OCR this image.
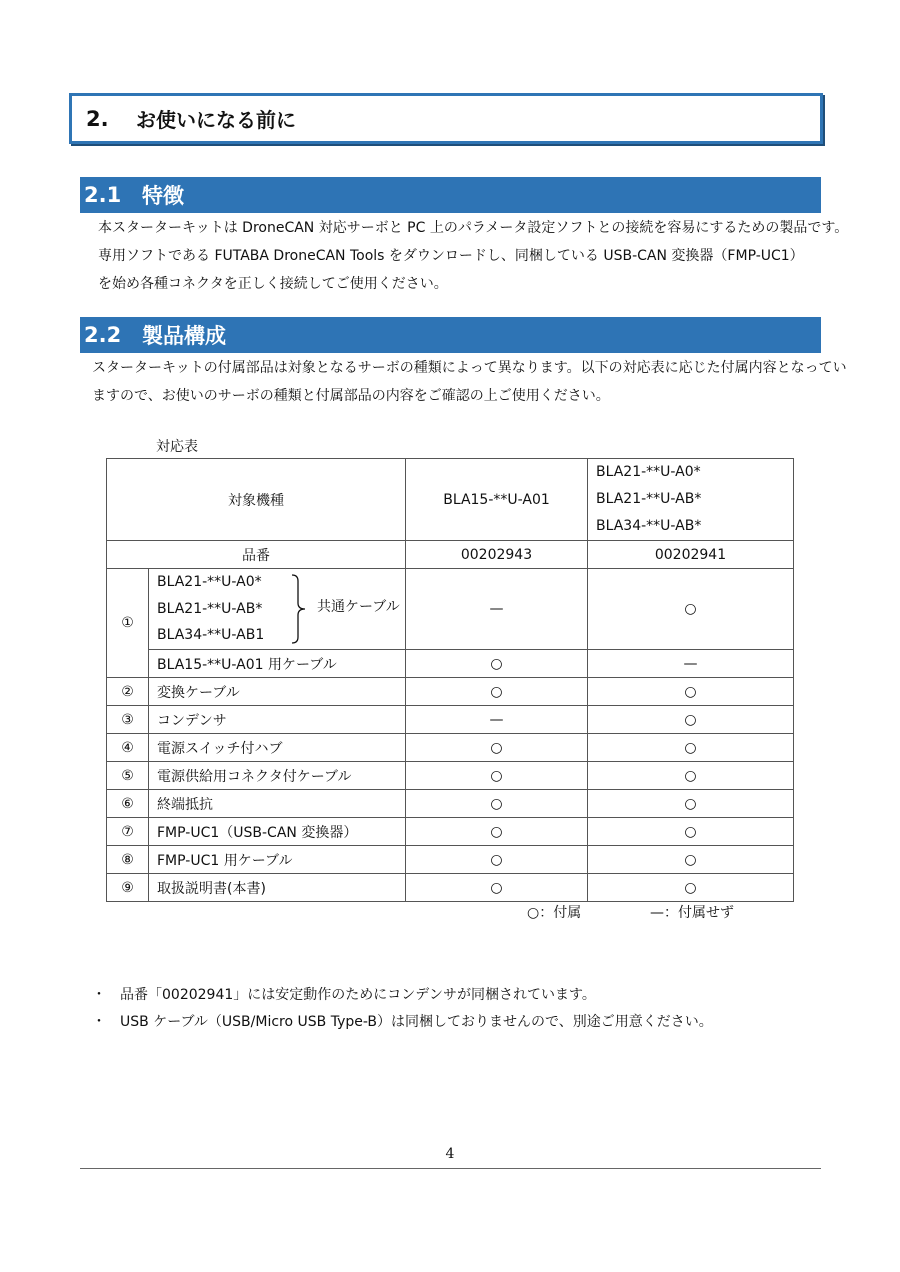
2.	お使いになる前に
2.1 特徴
本スターターキットは DroneCAN 対応サーボと PC 上のパラメータ設定ソフトとの接続を容易にするための製品です。
専用ソフトである FUTABA DroneCAN Tools をダウンロードし、同梱している USB-CAN 変換器（FMP-UC1）
を始め各種コネクタを正しく接続してご使用ください。
2.2 製品構成
スターターキットの付属部品は対象となるサーボの種類によって異なります。以下の対応表に応じた付属内容となってい
ますので、お使いのサーボの種類と付属部品の内容をご確認の上ご使用ください。
対応表
対象機種		BLA15-**U-A01	BLA21-**U-A0*
BLA21-**U-AB*
BLA34-**U-AB*

品番		00202943	00202941
①	BLA21-**U-A0*
BLA21-**U-AB*
BLA34-**U-AB1
共通ケーブル	—	○
	BLA15-**U-A01 用ケーブル	○	—
②	変換ケーブル	○	○
③	コンデンサ	—	○
④	電源スイッチ付ハブ	○	○
⑤	電源供給用コネクタ付ケーブル	○	○
⑥	終端抵抗	○	○
⑦	FMP-UC1（USB-CAN 変換器）	○	○
⑧	FMP-UC1 用ケーブル	○	○
⑨	取扱説明書(本書)	○	○
○：付属	—：付属せず
・ 品番「00202941」には安定動作のためにコンデンサが同梱されています。
・ USB ケーブル（USB/Micro USB Type-B）は同梱しておりませんので、別途ご用意ください。
4
